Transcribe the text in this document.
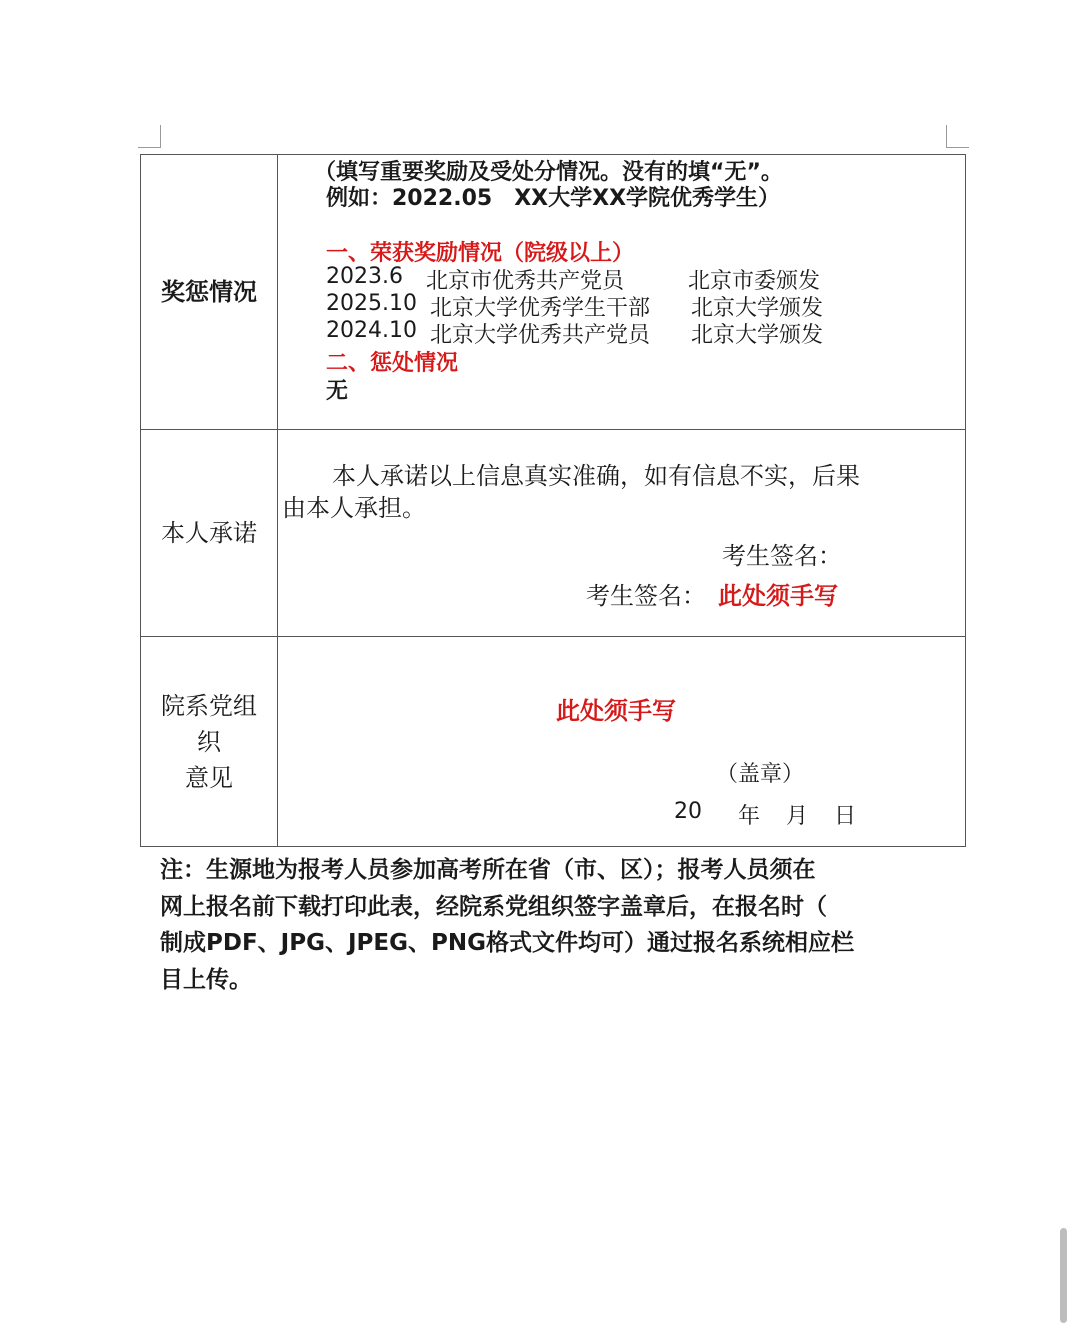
奖惩情况
（填写重要奖励及受处分情况。没有的填“无”。
例如：2022.05　XX大学XX学院优秀学生）
一、荣获奖励情况（院级以上）
2023.6 北京市优秀共产党员	北京市委颁发
2025.10 北京大学优秀学生干部 北京大学颁发
2024.10 北京大学优秀共产党员 北京大学颁发
二、惩处情况
无
本人承诺
本人承诺以上信息真实准确，如有信息不实，后果
由本人承担。
考生签名：
考生签名： 此处须手写
院系党组
织
意见
此处须手写
（盖章）
20 年 月 日
注：生源地为报考人员参加高考所在省（市、区）；报考人员须在
网上报名前下载打印此表，经院系党组织签字盖章后，在报名时（
制成PDF、JPG、JPEG、PNG格式文件均可）通过报名系统相应栏
目上传。
